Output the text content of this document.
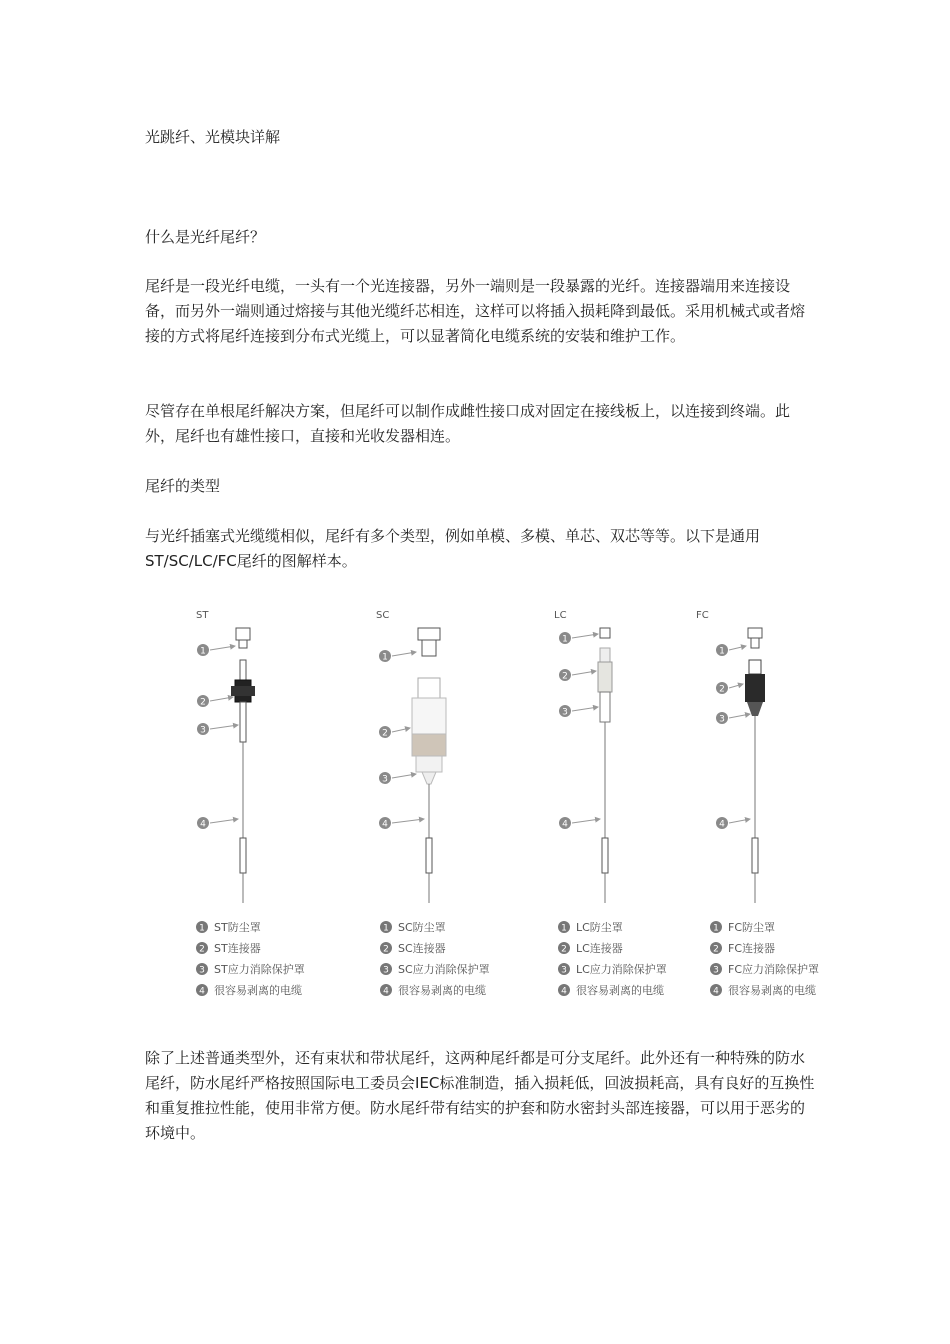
光跳纤、光模块详解

什么是光纤尾纤？

尾纤是一段光纤电缆，一头有一个光连接器，另外一端则是一段暴露的光纤。连接器端用来连接设备，而另外一端则通过熔接与其他光缆纤芯相连，这样可以将插入损耗降到最低。采用机械式或者熔接的方式将尾纤连接到分布式光缆上，可以显著简化电缆系统的安装和维护工作。

尽管存在单根尾纤解决方案，但尾纤可以制作成雌性接口成对固定在接线板上，以连接到终端。此外，尾纤也有雄性接口，直接和光收发器相连。

尾纤的类型

与光纤插塞式光缆缆相似，尾纤有多个类型，例如单模、多模、单芯、双芯等等。以下是通用ST/SC/LC/FC尾纤的图解样本。

ST	SC	LC	FC
1
2
3
4
1
2
3
4
1
2
3
4
1
2
3
4
1 ST防尘罩
2 ST连接器
3 ST应力消除保护罩
4 很容易剥离的电缆
1 SC防尘罩
2 SC连接器
3 SC应力消除保护罩
4 很容易剥离的电缆
1 LC防尘罩
2 LC连接器
3 LC应力消除保护罩
4 很容易剥离的电缆
1 FC防尘罩
2 FC连接器
3 FC应力消除保护罩
4 很容易剥离的电缆

除了上述普通类型外，还有束状和带状尾纤，这两种尾纤都是可分支尾纤。此外还有一种特殊的防水尾纤，防水尾纤严格按照国际电工委员会IEC标准制造，插入损耗低，回波损耗高，具有良好的互换性和重复推拉性能，使用非常方便。防水尾纤带有结实的护套和防水密封头部连接器，可以用于恶劣的环境中。
